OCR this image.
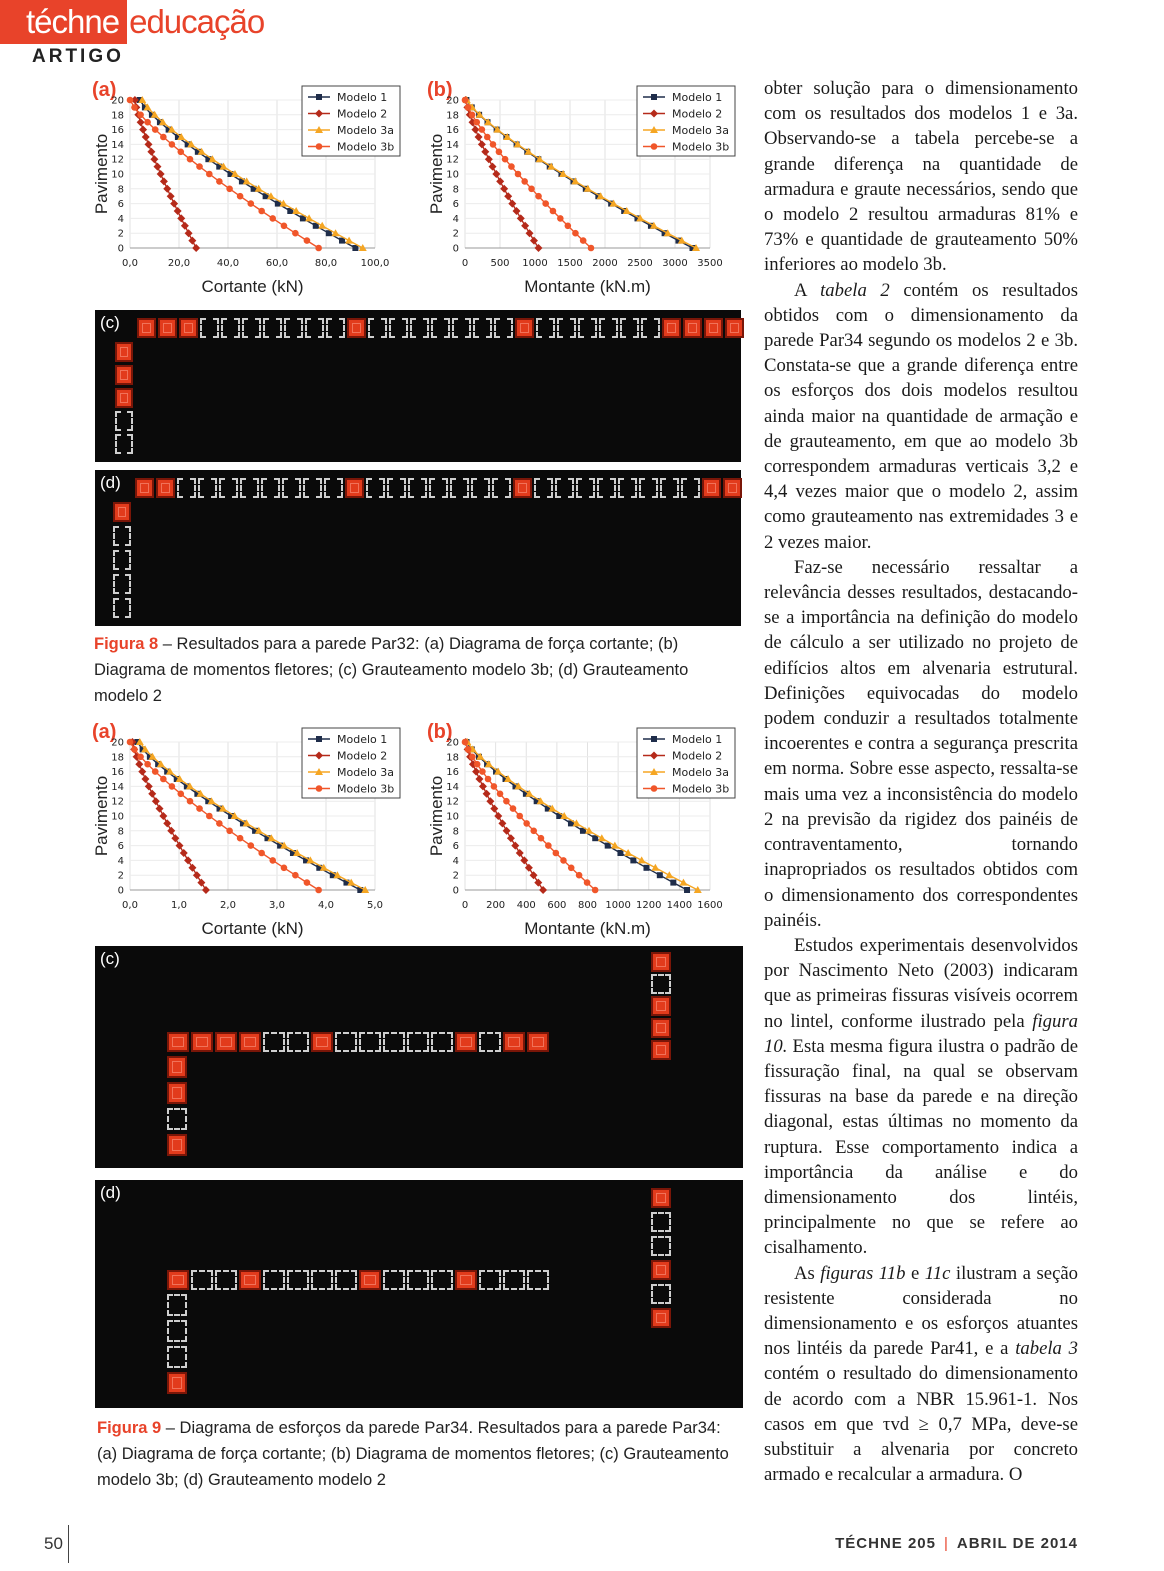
téchne educação
ARTIGO
(a)
0,0	20,0	40,0	60,0	80,0 100,0
0
2
4
6
8
10
12
14
16
18
20
Cortante (kN)
Pavimento
Modelo 1
Modelo 2
Modelo 3a
Modelo 3b
(b)
0 500 1000 1500 2000 2500 3000 3500
0
2
4
6
8
10
12
14
16
18
20
Montante (kN.m)
Pavimento
Modelo 1
Modelo 2
Modelo 3a
Modelo 3b
(c)
(d)
Figura 8 – Resultados para a parede Par32: (a) Diagrama de força cortante; (b) Diagrama de momentos fletores; (c) Grauteamento modelo 3b; (d) Grauteamento modelo 2
(a)
0,0	1,0	2,0	3,0	4,0	5,0
0
2
4
6
8
10
12
14
16
18
20
Cortante (kN)
Pavimento
Modelo 1
Modelo 2
Modelo 3a
Modelo 3b
(b)
0 200 400 600 800 1000 1200 1400 1600
0
2
4
6
8
10
12
14
16
18
20
Montante (kN.m)
Pavimento
Modelo 1
Modelo 2
Modelo 3a
Modelo 3b
(c)
(d)
Figura 9 – Diagrama de esforços da parede Par34. Resultados para a parede Par34: (a) Diagrama de força cortante; (b) Diagrama de momentos fletores; (c) Grauteamento modelo 3b; (d) Grauteamento modelo 2

obter solução para o dimensionamento com os resultados dos modelos 1 e 3a. Observando-se a tabela percebe-se a grande diferença na quantidade de armadura e graute necessários, sendo que o modelo 2 resultou armaduras 81% e 73% e quantidade de grauteamento 50% inferiores ao modelo 3b.

A tabela 2 contém os resultados obtidos com o dimensionamento da parede Par34 segundo os modelos 2 e 3b. Constata-se que a grande diferença entre os esforços dos dois modelos resultou ainda maior na quantidade de armação e de grauteamento, em que ao modelo 3b correspondem armaduras verticais 3,2 e 4,4 vezes maior que o modelo 2, assim como grauteamento nas extremidades 3 e 2 vezes maior.

Faz-se necessário ressaltar a relevância desses resultados, destacando-se a importância na definição do modelo de cálculo a ser utilizado no projeto de edifícios altos em alvenaria estrutural. Definições equivocadas do modelo podem conduzir a resultados totalmente incoerentes e contra a segurança prescrita em norma. Sobre esse aspecto, ressalta-se mais uma vez a inconsistência do modelo 2 na previsão da rigidez dos painéis de contraventamento, tornando inapropriados os resultados obtidos com o dimensionamento dos correspondentes painéis.

Estudos experimentais desenvolvidos por Nascimento Neto (2003) indicaram que as primeiras fissuras visíveis ocorrem no lintel, conforme ilustrado pela figura 10. Esta mesma figura ilustra o padrão de fissuração final, na qual se observam fissuras na base da parede e na direção diagonal, estas últimas no momento da ruptura. Esse comportamento indica a importância da análise e do dimensionamento dos lintéis, principalmente no que se refere ao cisalhamento.

As figuras 11b e 11c ilustram a seção resistente considerada no dimensionamento e os esforços atuantes nos lintéis da parede Par41, e a tabela 3 contém o resultado do dimensionamento de acordo com a NBR 15.961-1. Nos casos em que τvd ≥ 0,7 MPa, deve-se substituir a alvenaria por concreto armado e recalcular a armadura. O

50	TÉCHNE 205 | ABRIL DE 2014
